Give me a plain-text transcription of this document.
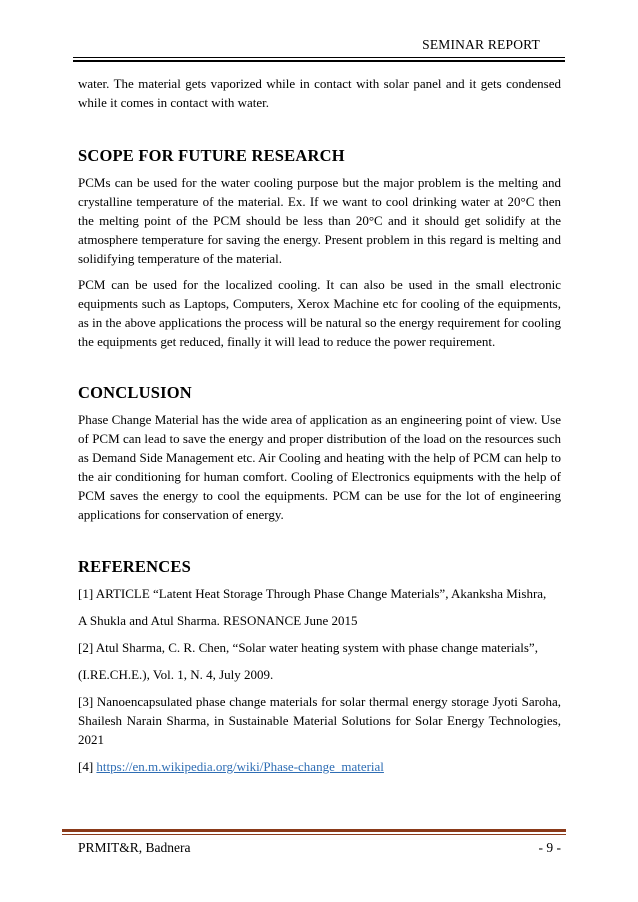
SEMINAR REPORT

water. The material gets vaporized while in contact with solar panel and it gets condensed while it comes in contact with water.

SCOPE FOR FUTURE RESEARCH

PCMs can be used for the water cooling purpose but the major problem is the melting and crystalline temperature of the material. Ex. If we want to cool drinking water at 20°C then the melting point of the PCM should be less than 20°C and it should get solidify at the atmosphere temperature for saving the energy. Present problem in this regard is melting and solidifying temperature of the material.

PCM can be used for the localized cooling. It can also be used in the small electronic equipments such as Laptops, Computers, Xerox Machine etc for cooling of the equipments, as in the above applications the process will be natural so the energy requirement for cooling the equipments get reduced, finally it will lead to reduce the power requirement.

CONCLUSION

Phase Change Material has the wide area of application as an engineering point of view. Use of PCM can lead to save the energy and proper distribution of the load on the resources such as Demand Side Management etc. Air Cooling and heating with the help of PCM can help to the air conditioning for human comfort. Cooling of Electronics equipments with the help of PCM saves the energy to cool the equipments. PCM can be use for the lot of engineering applications for conservation of energy.

REFERENCES

[1] ARTICLE “Latent Heat Storage Through Phase Change Materials”, Akanksha Mishra,

A Shukla and Atul Sharma. RESONANCE June 2015

[2] Atul Sharma, C. R. Chen, “Solar water heating system with phase change materials”,

(I.RE.CH.E.), Vol. 1, N. 4, July 2009.

[3] Nanoencapsulated phase change materials for solar thermal energy storage Jyoti Saroha, Shailesh Narain Sharma, in Sustainable Material Solutions for Solar Energy Technologies, 2021

[4] https://en.m.wikipedia.org/wiki/Phase-change_material

PRMIT&R, Badnera	- 9 -
